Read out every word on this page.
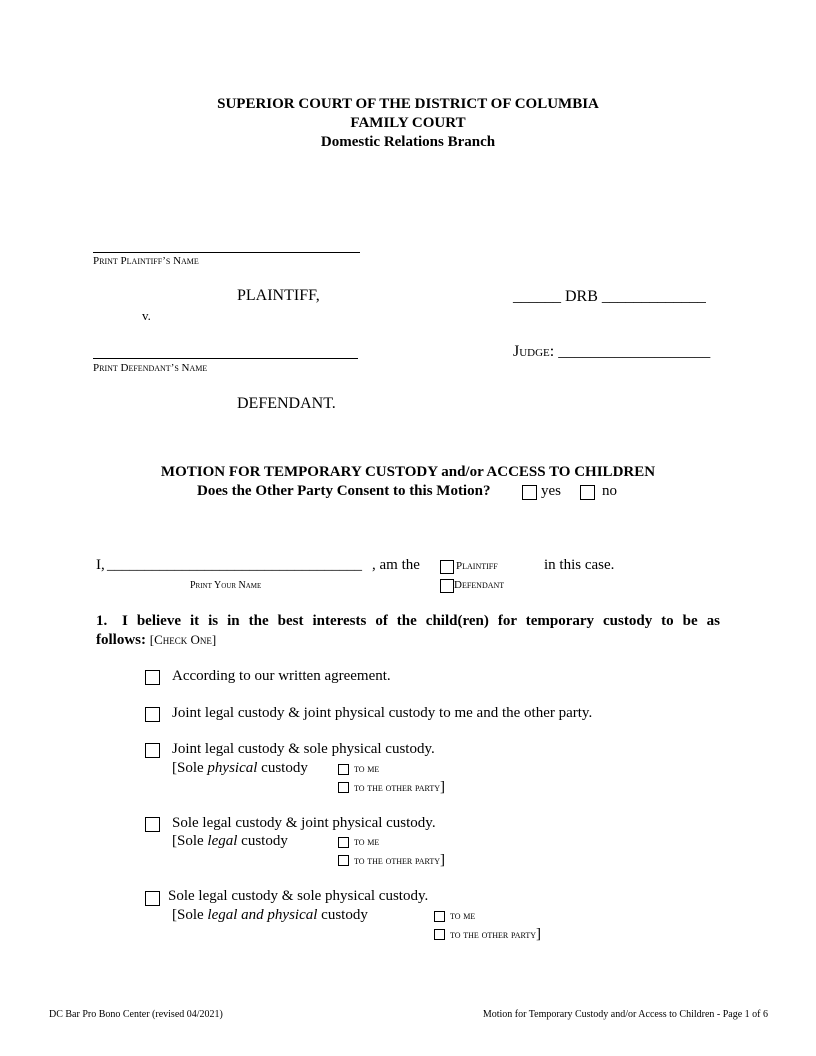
SUPERIOR COURT OF THE DISTRICT OF COLUMBIA
FAMILY COURT
Domestic Relations Branch
Print Plaintiff’s Name
PLAINTIFF,
v.
______ DRB _____________
Print Defendant’s Name
Judge: ___________________
DEFENDANT.
MOTION FOR TEMPORARY CUSTODY and/or ACCESS TO CHILDREN
Does the Other Party Consent to this Motion?	yes	no
I, __________________________________ , am the	Plaintiff	in this case.
Print Your Name	Defendant
1. I believe it is in the best interests of the child(ren) for temporary custody to be as
follows: [Check One]
According to our written agreement.
Joint legal custody & joint physical custody to me and the other party.
Joint legal custody & sole physical custody.
[Sole physical custody	to me
to the other party]
Sole legal custody & joint physical custody.
[Sole legal custody	to me
to the other party]
Sole legal custody & sole physical custody.
[Sole legal and physical custody	to me
to the other party]
DC Bar Pro Bono Center (revised 04/2021)	Motion for Temporary Custody and/or Access to Children - Page 1 of 6
